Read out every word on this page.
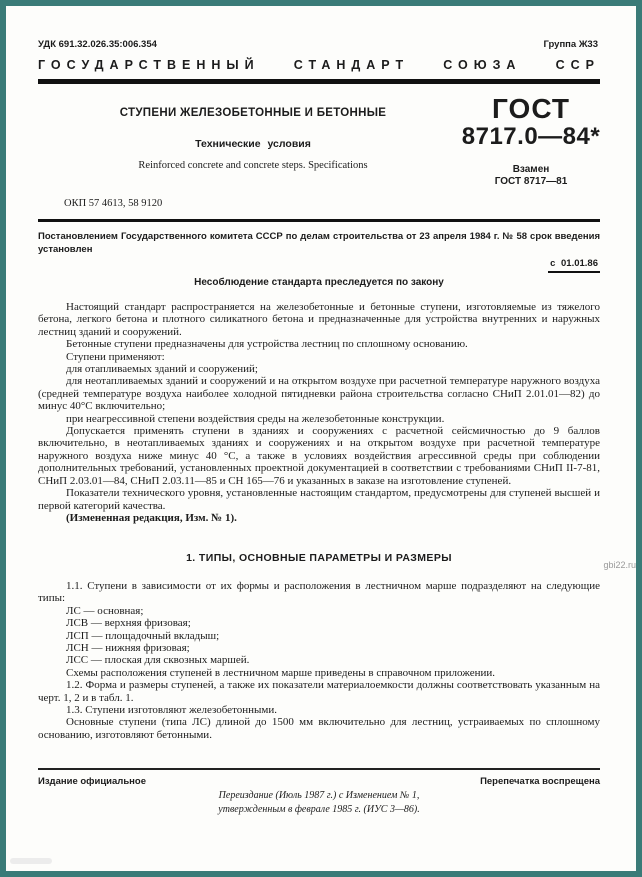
УДК 691.32.026.35:006.354	Группа Ж33
ГОСУДАРСТВЕННЫЙ	СТАНДАРТ	СОЮЗА	ССР
СТУПЕНИ ЖЕЛЕЗОБЕТОННЫЕ И БЕТОННЫЕ
Технические условия
Reinforced concrete and concrete steps. Specifications
ГОСТ
8717.0—84*
Взамен
ГОСТ 8717—81
ОКП 57 4613, 58 9120
Постановлением Государственного комитета СССР по делам строительства от 23 апреля 1984 г. № 58 срок введения установлен
с 01.01.86
Несоблюдение стандарта преследуется по закону

Настоящий стандарт распространяется на железобетонные и бетонные ступени, изготовляемые из тяжелого бетона, легкого бетона и плотного силикатного бетона и предназначенные для устройства внутренних и наружных лестниц зданий и сооружений.

Бетонные ступени предназначены для устройства лестниц по сплошному основанию.

Ступени применяют:

для отапливаемых зданий и сооружений;

для неотапливаемых зданий и сооружений и на открытом воздухе при расчетной температуре наружного воздуха (средней температуре воздуха наиболее холодной пятидневки района строительства согласно СНиП 2.01.01—82) до минус 40°С включительно;

при неагрессивной степени воздействия среды на железобетонные конструкции.

Допускается применять ступени в зданиях и сооружениях с расчетной сейсмичностью до 9 баллов включительно, в неотапливаемых зданиях и сооружениях и на открытом воздухе при расчетной температуре наружного воздуха ниже минус 40 °С, а также в условиях воздействия агрессивной среды при соблюдении дополнительных требований, установленных проектной документацией в соответствии с требованиями СНиП II-7-81, СНиП 2.03.01—84, СНиП 2.03.11—85 и СН 165—76 и указанных в заказе на изготовление ступеней.

Показатели технического уровня, установленные настоящим стандартом, предусмотрены для ступеней высшей и первой категорий качества.

(Измененная редакция, Изм. № 1).

1. ТИПЫ, ОСНОВНЫЕ ПАРАМЕТРЫ И РАЗМЕРЫ
gbi22.ru

1.1. Ступени в зависимости от их формы и расположения в лестничном марше подразделяют на следующие типы:

ЛС — основная;

ЛСВ — верхняя фризовая;

ЛСП — площадочный вкладыш;

ЛСН — нижняя фризовая;

ЛСС — плоская для сквозных маршей.

Схемы расположения ступеней в лестничном марше приведены в справочном приложении.

1.2. Форма и размеры ступеней, а также их показатели материалоемкости должны соответствовать указанным на черт. 1, 2 и в табл. 1.

1.3. Ступени изготовляют железобетонными.

Основные ступени (типа ЛС) длиной до 1500 мм включительно для лестниц, устраиваемых по сплошному основанию, изготовляют бетонными.

Издание официальное	Перепечатка воспрещена
Переиздание (Июль 1987 г.) с Изменением № 1,
утвержденным в феврале 1985 г. (ИУС 3—86).
